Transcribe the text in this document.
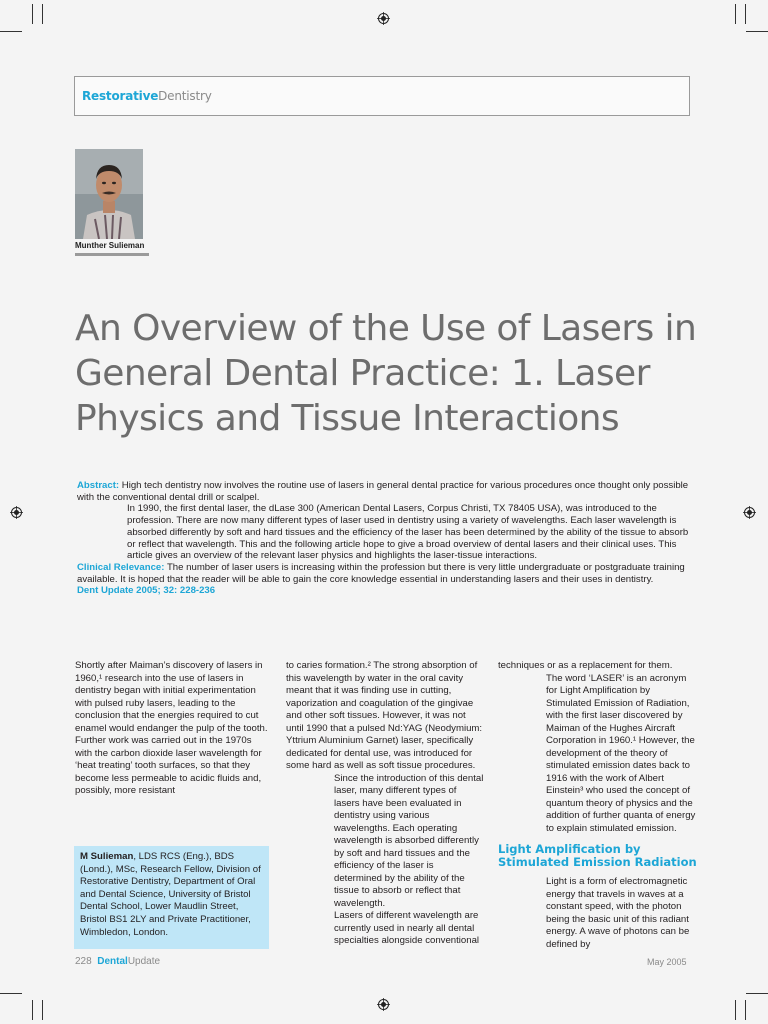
RestorativeDentistry
Munther Sulieman
An Overview of the Use of Lasers in General Dental Practice: 1. Laser Physics and Tissue Interactions

Abstract: High tech dentistry now involves the routine use of lasers in general dental practice for various procedures once thought only possible with the conventional dental drill or scalpel.

In 1990, the first dental laser, the dLase 300 (American Dental Lasers, Corpus Christi, TX 78405 USA), was introduced to the profession. There are now many different types of laser used in dentistry using a variety of wavelengths. Each laser wavelength is absorbed differently by soft and hard tissues and the efficiency of the laser has been determined by the ability of the tissue to absorb or reflect that wavelength. This and the following article hope to give a broad overview of dental lasers and their clinical uses. This article gives an overview of the relevant laser physics and highlights the laser-tissue interactions.

Clinical Relevance: The number of laser users is increasing within the profession but there is very little undergraduate or postgraduate training available. It is hoped that the reader will be able to gain the core knowledge essential in understanding lasers and their uses in dentistry.

Dent Update 2005; 32: 228-236

Shortly after Maiman’s discovery of lasers in 1960,¹ research into the use of lasers in dentistry began with initial experimentation with pulsed ruby lasers, leading to the conclusion that the energies required to cut enamel would endanger the pulp of the tooth. Further work was carried out in the 1970s with the carbon dioxide laser wavelength for ‘heat treating’ tooth surfaces, so that they become less permeable to acidic fluids and, possibly, more resistant

M Sulieman, LDS RCS (Eng.), BDS (Lond.), MSc, Research Fellow, Division of Restorative Dentistry, Department of Oral and Dental Science, University of Bristol Dental School, Lower Maudlin Street, Bristol BS1 2LY and Private Practitioner, Wimbledon, London.

to caries formation.² The strong absorption of this wavelength by water in the oral cavity meant that it was finding use in cutting, vaporization and coagulation of the gingivae and other soft tissues. However, it was not until 1990 that a pulsed Nd:YAG (Neodymium: Yttrium Aluminium Garnet) laser, specifically dedicated for dental use, was introduced for some hard as well as soft tissue procedures.

Since the introduction of this dental laser, many different types of lasers have been evaluated in dentistry using various wavelengths. Each operating wavelength is absorbed differently by soft and hard tissues and the efficiency of the laser is determined by the ability of the tissue to absorb or reflect that wavelength.

Lasers of different wavelength are currently used in nearly all dental specialties alongside conventional

techniques or as a replacement for them.

The word ‘LASER’ is an acronym for Light Amplification by Stimulated Emission of Radiation, with the first laser discovered by Maiman of the Hughes Aircraft Corporation in 1960.¹ However, the development of the theory of stimulated emission dates back to 1916 with the work of Albert Einstein³ who used the concept of quantum theory of physics and the addition of further quanta of energy to explain stimulated emission.

Light Amplification by Stimulated Emission Radiation

Light is a form of electromagnetic energy that travels in waves at a constant speed, with the photon being the basic unit of this radiant energy. A wave of photons can be defined by

228 DentalUpdate	May 2005
